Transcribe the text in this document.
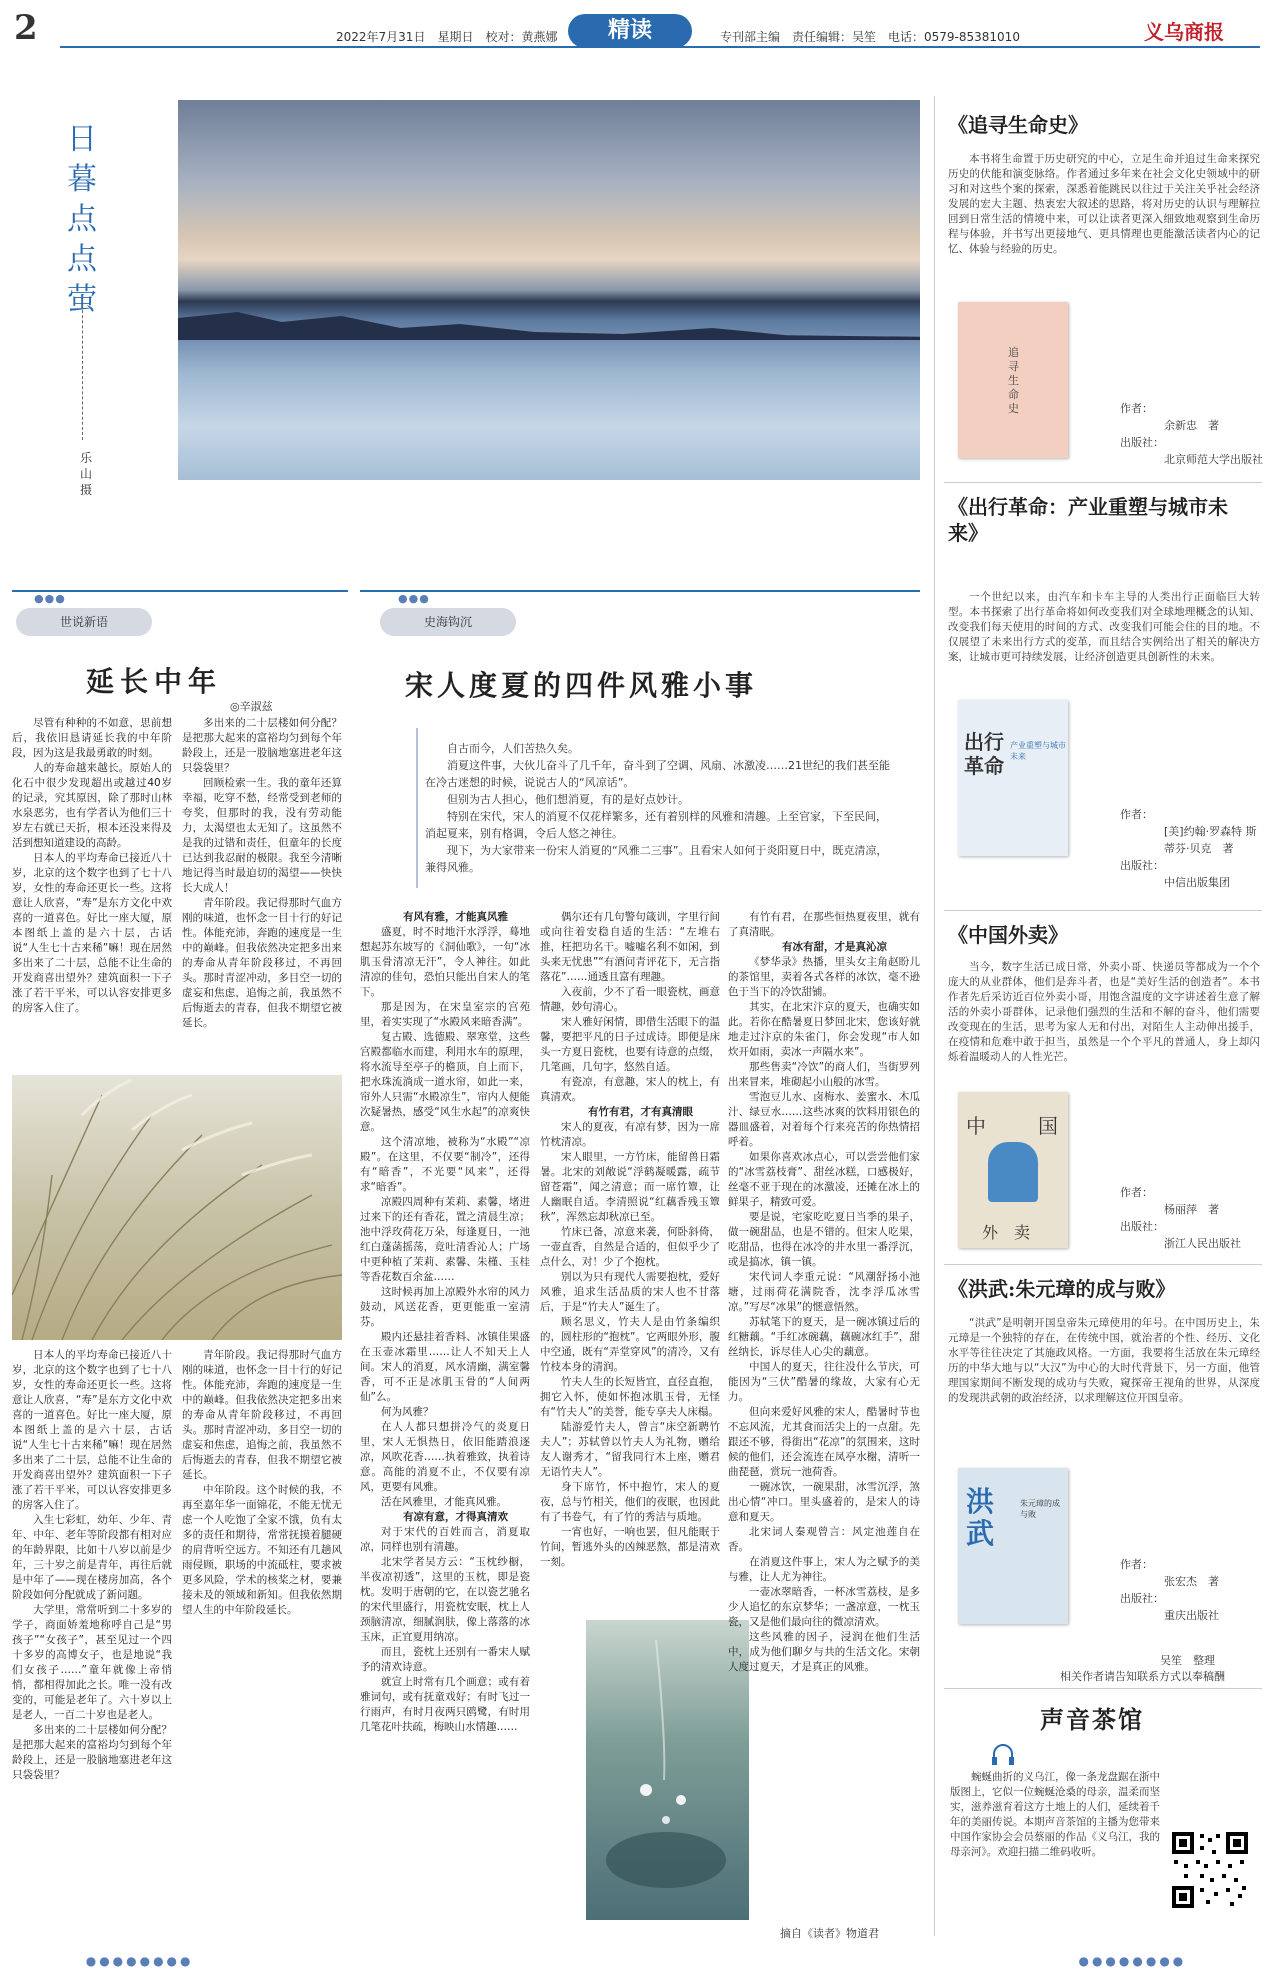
2	2022年7月31日　星期日　校对：黄燕娜	精读	专刊部主编　责任编辑：吴笙　电话：0579-85381010	义乌商报
日暮点点萤
乐山　摄
●●●
世说新语
延长中年
◎辛淑兹

尽管有种种的不如意，思前想后，我依旧恳请延长我的中年阶段，因为这是我最勇敢的时刻。

人的寿命越来越长。原始人的化石中很少发现超出或越过40岁的记录，究其原因，除了那时山林水泉恶劣，也有学者认为他们三十岁左右就已天折，根本还没来得及活到想知道建设的高龄。

日本人的平均寿命已接近八十岁，北京的这个数字也到了七十八岁，女性的寿命还更长一些。这将意让人欣喜，“寿”是东方文化中欢喜的一道喜色。好比一座大厦，原本图纸上盖的是六十层，古话说“人生七十古来稀”嘛！现在居然多出来了二十层，总能不让生命的开发商喜出望外？建筑面积一下子涨了若干平米，可以认容安排更多的房客入住了。

多出来的二十层楼如何分配？是把那大起来的富裕均匀到每个年龄段上，还是一股脑地塞进老年这只袋袋里？

回顾检索一生。我的童年还算幸福，吃穿不愁，经常受到老师的夸奖，但那时的我，没有劳动能力，太渴望也太无知了。这虽然不是我的过错和责任，但童年的长度已达到我忍耐的极限。我至今清晰地记得当时最迫切的渴望——快快长大成人！

青年阶段。我记得那时气血方刚的味道，也怀念一目十行的好记性。体能充沛，奔跑的速度是一生中的巅峰。但我依然决定把多出来的寿命从青年阶段移过，不再回头。那时青涩冲动，多目空一切的虚妄和焦虑，追悔之前，我虽然不后悔逝去的青春，但我不期望它被延长。

日本人的平均寿命已接近八十岁，北京的这个数字也到了七十八岁，女性的寿命还更长一些。这将意让人欣喜，“寿”是东方文化中欢喜的一道喜色。好比一座大厦，原本图纸上盖的是六十层，古话说“人生七十古来稀”嘛！现在居然多出来了二十层，总能不让生命的开发商喜出望外？建筑面积一下子涨了若干平米，可以认容安排更多的房客入住了。

入生七彩虹，幼年、少年、青年、中年、老年等阶段都有相对应的年龄界限，比如十八岁以前是少年，三十岁之前是青年，再往后就是中年了——现在楼房加高，各个阶段如何分配就成了新问题。

大学里，常常听到二十多岁的学子，商面娇羞地称呼自己是“男孩子”“女孩子”，甚至见过一个四十多岁的高博女子，也是地说“我们女孩子……”童年就像上帝悄悄，都相得加此之长。唯一没有改变的，可能是老年了。六十岁以上是老人，一百二十岁也是老人。

多出来的二十层楼如何分配？是把那大起来的富裕均匀到每个年龄段上，还是一股脑地塞进老年这只袋袋里？

青年阶段。我记得那时气血方刚的味道，也怀念一目十行的好记性。体能充沛，奔跑的速度是一生中的巅峰。但我依然决定把多出来的寿命从青年阶段移过，不再回头。那时青涩冲动，多目空一切的虚妄和焦虑，追悔之前，我虽然不后悔逝去的青春，但我不期望它被延长。

中年阶段。这个时候的我，不再至嘉年华一面锦花，不能无忧无虑一个人吃饱了全家不饿，负有太多的责任和期待，常常抚摸着腿硬的肩背听空远方。不知还有几趟风雨侵顾，职场的中流砥柱，要求被更多风险，学术的核桨之材，要兼接未及的领域和新知。但我依然期望人生的中年阶段延长。

●●●
史海钩沉
宋人度夏的四件风雅小事

自古而今，人们苦热久矣。

消夏这件事，大伙儿奋斗了几千年，奋斗到了空调、风扇、冰激凌……21世纪的我们甚至能在冷古迷想的时候，说说古人的“风凉话”。

但别为古人担心，他们想消夏，有的是好点妙计。

特别在宋代，宋人的消夏不仅花样繁多，还有着别样的风雅和清趣。上至官家，下至民间，消起夏来，别有格调，令后人悠之神往。

现下，为大家带来一份宋人消夏的“风雅二三事”。且看宋人如何于炎阳夏日中，既克清凉，兼得风雅。

有风有雅，才能真风雅

盛夏，时不时地汗水浮浮，蓦地想起苏东坡写的《洞仙歌》，一句“冰肌玉骨清凉无汗”，令人神往。如此清凉的佳句，恐怕只能出自宋人的笔下。

那是因为，在宋皇室宗的宫苑里，着实实现了“水殿风来暗香满”。

复古殿、选德殿、翠寒堂，这些宫殿都临水而建，利用水车的原理，将水流导至亭子的檐顶，自上而下，把水珠流淌成一道水帘，如此一来，帘外人只需“水殿凉生”，帘内人便能次疑暑热，感受“风生水起”的凉爽快意。

这个清凉地，被称为“水殿”“凉殿”。在这里，不仅要“制冷”，还得有“暗香”，不光要“风来”，还得求“暗香”。

凉殿四周种有茉莉、素馨，堵进过来下的还有香花，置之清晨生凉；池中浮玫荷花万朵，每逢夏日，一池红白蓬菡摇荡，竟吐清香沁人；广场中更种植了茉莉、素馨、朱槿、玉桂等香花数百余盆……

这时候再加上凉殿外水帘的风力鼓动，风送花香，更更能重一室清芬。

殿内还悬挂着香料、冰镇佳果盛在玉壶冰霜里……让人不知天上人间。宋人的消夏，风水清幽，满室馨香，可不正是冰肌玉骨的“人间两仙”么。

何为风雅？

在人人都只想拼冷气的炎夏日里，宋人无惧热日，依旧能踏浪逐凉，风吹花香……执着雅致，执着诗意。高能的消夏不止，不仅要有凉风，更要有风雅。

活在风雅里，才能真风雅。

有凉有意，才得真清欢

对于宋代的百姓而言，消夏取凉，同样也别有清趣。

北宋学者吴方云：“玉枕纱橱，半夜凉初透”，这里的玉枕，即是瓷枕。发明于唐朝的它，在以瓷艺驰名的宋代里盛行，用瓷枕安眠，枕上人颈脑清凉，细腻润肤，像上落落的冰玉床，正宜夏用纳凉。

而且，瓷枕上还别有一番宋人赋予的清欢诗意。

就宣上时常有几个画意；或有着雅词句，或有抚童戏好；有时飞过一行雨声，有时月夜两只鸥鹭，有时用几笔花叶扶疏，梅映山水情趣……

偶尔还有几句警句箴训，字里行间或向往着安稳自适的生活：“左堆右推，枉把功名干。嘘嘘名利不如闲，到头来无忧患”“有酒问青评花下，无言指落花”……通透且富有理趣。

入夜前，少不了看一眼瓷枕，画意情趣，妙句清心。

宋人雅好闲情，即借生活眼下的温馨，要把平凡的日子过成诗。即便是床头一方夏日瓷枕，也要有诗意的点缀，几笔画，几句字，悠然自适。

有瓷凉，有意趣，宋人的枕上，有真清欢。

有竹有君，才有真清眼

宋人的夏夜，有凉有梦，因为一席竹枕清凉。

宋人眼里，一方竹床，能留兽日霜暑。北宋的刘敞说“浮鹤凝暖露，疏节留苍霜”，闻之清意；而一席竹簟，让人幽眠自适。李清照说“红藕香残玉簟秋”，浑然忘却秋凉已至。

竹床已备，凉意来袭，何卧斜倚，一壶直香，自然是合适的，但似乎少了点什么，对！少了个抱枕。

别以为只有现代人需要抱枕，爱好风雅，追求生活品质的宋人也不甘落后，于是“竹夫人”诞生了。

顾名思义，竹夫人是由竹条编织的，圆柱形的“抱枕”。它两眼外形，腹中空通，既有“弄堂穿风”的清冷，又有竹枝本身的清润。

竹夫人生的长短皆宜，直径直抱，拥它入怀，使如怀抱冰肌玉骨，无怪有“竹夫人”的美誉，能专享夫人床榻。

陆游爱竹夫人，曾言“床空新聘竹夫人”；苏轼曾以竹夫人为礼物，赠给友人谢秀才，“留我同行木上座，赠君无语竹夫人”。

身下席竹，怀中抱竹，宋人的夏夜，总与竹相关，他们的夜眠，也因此有了书卷气，有了竹的秀洁与质地。

一宵也好，一响也罢，但凡能眠于竹间，暂逃外头的凶辣恶熬，都是清欢一刻。

有竹有君，在那些恒热夏夜里，就有了真清眠。

有冰有甜，才是真沁凉

《梦华录》热播，里头女主角赵盼儿的茶馆里，卖着各式各样的冰饮，毫不逊色于当下的冷饮甜铺。

其实，在北宋汴京的夏天，也确实如此。若你在酷暑夏日梦回北宋，您该好就地走过汴京的朱雀门，你会发现“市人如炊开如雨，卖冰一声隔水来”。

那些售卖“冷饮”的商人们，当街罗列出来冒来，堆砌起小山般的冰雪。

雪泡豆儿水、卤梅水、姜蜜水、木瓜汁、绿豆水……这些冰爽的饮料用银色的器皿盛着，对着每个行来亮苦的你热情招呼着。

如果你喜欢冰点心，可以尝尝他们家的“冰雪荔枝膏”、甜丝冰糕，口感极好，丝毫不亚于现在的冰激凌，还摊在冰上的鲜果子，精致可爱。

要是说，宅家吃吃夏日当季的果子，做一碗甜品，也是不错的。但宋人吃果，吃甜品，也得在冰冷的井水里一番浮沉，或是搞冰，镇一镇。

宋代词人李重元说：“风潮舒扬小池塘，过雨荷花满院香，沈李浮瓜冰雪凉。”写尽“冰果”的惬意悟然。

苏轼笔下的夏天，是一碗冰镇过后的红糖藕。“手红冰碗藕，藕碗冰红手”，甜丝纳长，诉尽佳人心尖的藕意。

中国人的夏天，往往没什么节庆，可能因为“三伏”酷暑的缘故，大家有心无力。

但向来爱好风雅的宋人，酷暑时节也不忘风流，尤其食而活尖上的一点甜。先跟还不够，得街出“花凉”的氛围来，这时候的他们，还会流连在凤亭水榭，清听一曲琵琶，赏玩一池荷香。

一碗冰饮，一碗果甜，冰雪沉浮，煞出心情“冲口。里头盛着的，是宋人的诗意和夏天。

北宋词人秦观曾言：风定池莲自在香。

在消夏这件事上，宋人为之赋予的美与雅，让人尤为神往。

一壶冰翠暗香，一杯冰雪荔枝，是多少人追忆的东京梦华；一盏凉意，一枕玉瓷，又是他们最向往的微凉清欢。

这些风雅的因子，浸润在他们生活中，成为他们聊夕与共的生活文化。宋朝人度过夏天，才是真正的风雅。

摘自《读者》物道君
《追寻生命史》

本书将生命置于历史研究的中心，立足生命并追过生命来探究历史的伏能和演变脉络。作者通过多年来在社会文化史领域中的研习和对这些个案的探索，深悉着能跳民以往过于关注关乎社会经济发展的宏大主题、热衷宏大叙述的思路，将对历史的认识与理解拉回到日常生活的情境中来，可以让读者更深入细致地观察到生命历程与体验，并书写出更接地气、更具情理也更能激活读者内心的记忆、体验与经验的历史。

追寻生命史	作者：
余新忠　著
出版社：
北京师范大学出版社
《出行革命：产业重塑与城市未来》

一个世纪以来，由汽车和卡车主导的人类出行正面临巨大转型。本书探索了出行革命将如何改变我们对全球地理概念的认知、改变我们每天使用的时间的方式、改变我们可能会住的目的地。不仅展望了未来出行方式的变革，而且结合实例给出了相关的解决方案，让城市更可持续发展，让经济创造更具创新性的未来。

出行革命
产业重塑与城市未来
作者：
[美]约翰·罗森特 斯蒂芬·贝克　著
出版社：
中信出版集团
《中国外卖》

当今，数字生活已成日常，外卖小哥、快递员等都成为一个个庞大的从业群体，他们是奔斗者，也是“美好生活的创造者”。本书作者先后采访近百位外卖小哥，用饱含温度的文字讲述着生意了解活的外卖小哥群体，记录他们强烈的生活和不解的奋斗，他们需要改变现在的生活，思考为家人无和付出，对陌生人主动伸出援手，在疫情和危难中敢于担当，虽然是一个个平凡的普通人，身上却闪烁着温暖动人的人性光芒。

中	国
外　卖
作者：
杨丽萍　著
出版社：
浙江人民出版社
《洪武:朱元璋的成与败》

“洪武”是明朝开国皇帝朱元璋使用的年号。在中国历史上，朱元璋是一个独特的存在，在传统中国，就治者的个性、经历、文化水平等往往决定了其施政风格。一方面，我要将生活放在朱元璋经历的中华大地与以“大汉”为中心的大时代背景下，另一方面，他管理国家期间不断发现的成功与失败，窥探帝王视角的世界，从深度的发现洪武朝的政治经济，以求理解这位开国皇帝。

洪武
朱元璋的成与败
作者：
张宏杰　著
出版社：
重庆出版社
吴笙　整理
相关作者请告知联系方式以奉稿酬
声音茶馆

蜿蜒曲折的义乌江，像一条龙盘踞在浙中版图上，它似一位蜿蜒沧桑的母亲，温柔而坚实，滋养滋育着这方土地上的人们，延续着千年的美丽传说。本期声音茶馆的主播为您带来中国作家协会会员蔡丽的作品《义乌江，我的母亲河》。欢迎扫描二维码收听。

●●●●●●●●　　　　　　　　　　　　　　　　　　　　　　　　　　　　　　　　　　　　　　　　　　　　　　　　　　　　　　　　　　　●●●●●●●●
